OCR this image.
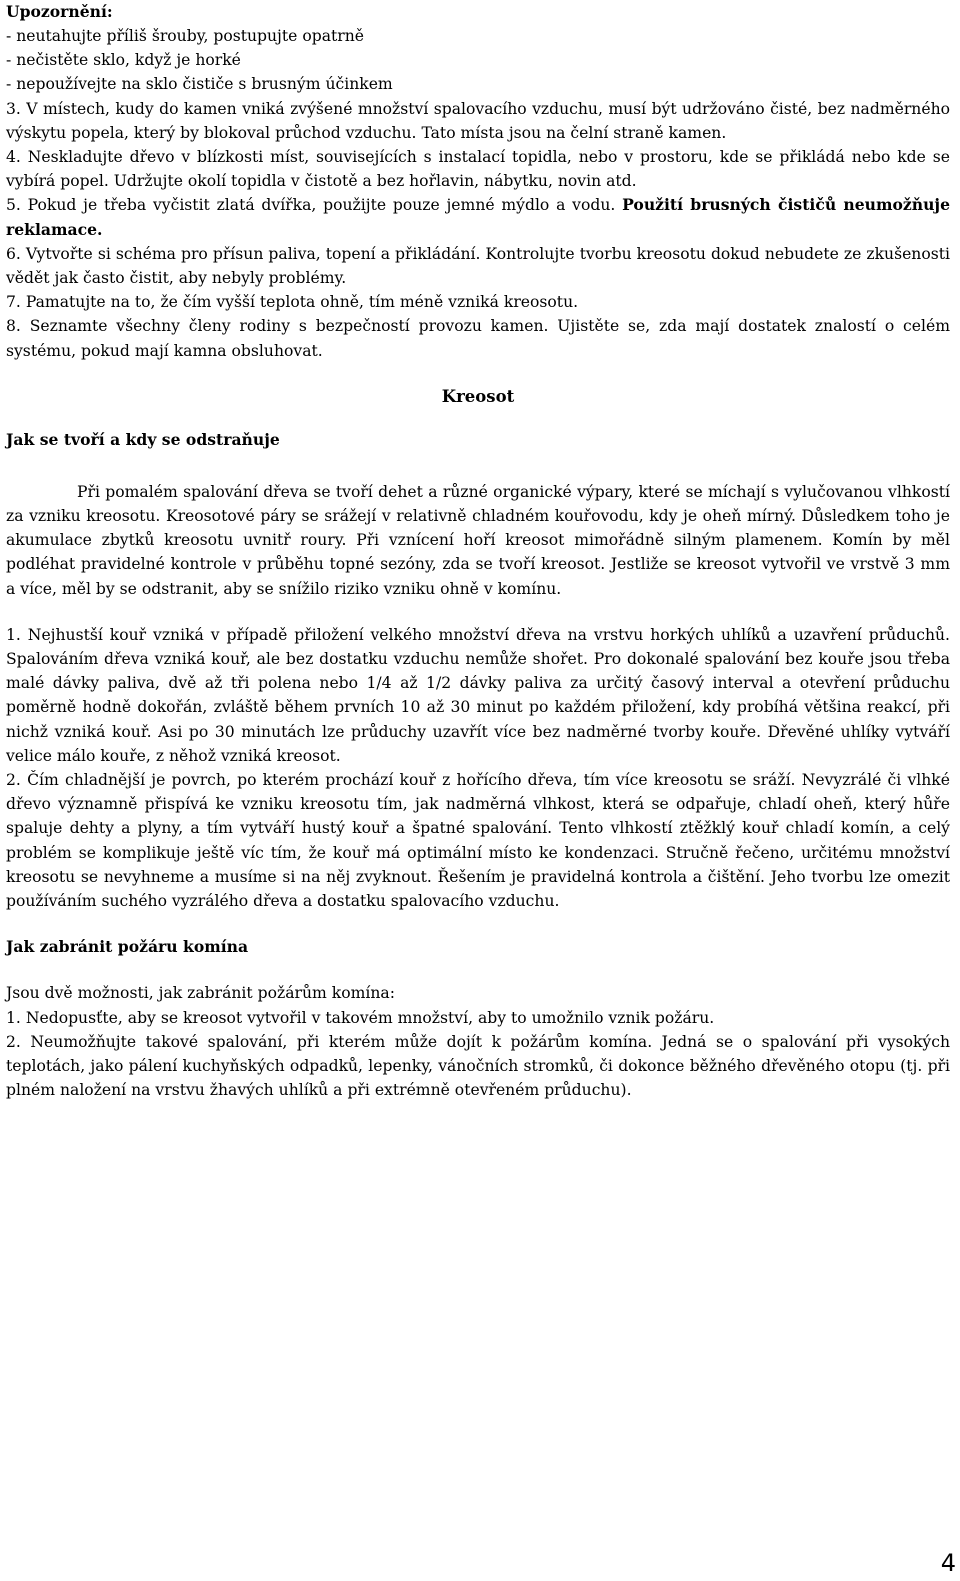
Upozornění:

- neutahujte příliš šrouby, postupujte opatrně

- nečistěte sklo, když je horké

- nepoužívejte na sklo čističe s brusným účinkem

3. V místech, kudy do kamen vniká zvýšené množství spalovacího vzduchu, musí být udržováno čisté, bez nadměrného výskytu popela, který by blokoval průchod vzduchu. Tato místa jsou na čelní straně kamen.

4. Neskladujte dřevo v blízkosti míst, souvisejících s instalací topidla, nebo v prostoru, kde se přikládá nebo kde se vybírá popel. Udržujte okolí topidla v čistotě a bez hořlavin, nábytku, novin atd.

5. Pokud je třeba vyčistit zlatá dvířka, použijte pouze jemné mýdlo a vodu. Použití brusných čističů neumožňuje reklamace.

6. Vytvořte si schéma pro přísun paliva, topení a přikládání. Kontrolujte tvorbu kreosotu dokud nebudete ze zkušenosti vědět jak často čistit, aby nebyly problémy.

7. Pamatujte na to, že čím vyšší teplota ohně, tím méně vzniká kreosotu.

8. Seznamte všechny členy rodiny s bezpečností provozu kamen. Ujistěte se, zda mají dostatek znalostí o celém systému, pokud mají kamna obsluhovat.

Kreosot

Jak se tvoří a kdy se odstraňuje

Při pomalém spalování dřeva se tvoří dehet a různé organické výpary, které se míchají s vylučovanou vlhkostí za vzniku kreosotu. Kreosotové páry se srážejí v relativně chladném kouřovodu, kdy je oheň mírný. Důsledkem toho je akumulace zbytků kreosotu uvnitř roury. Při vznícení hoří kreosot mimořádně silným plamenem. Komín by měl podléhat pravidelné kontrole v průběhu topné sezóny, zda se tvoří kreosot. Jestliže se kreosot vytvořil ve vrstvě 3 mm a více, měl by se odstranit, aby se snížilo riziko vzniku ohně v komínu.

1. Nejhustší kouř vzniká v případě přiložení velkého množství dřeva na vrstvu horkých uhlíků a uzavření průduchů. Spalováním dřeva vzniká kouř, ale bez dostatku vzduchu nemůže shořet. Pro dokonalé spalování bez kouře jsou třeba malé dávky paliva, dvě až tři polena nebo 1/4 až 1/2 dávky paliva za určitý časový interval a otevření průduchu poměrně hodně dokořán, zvláště během prvních 10 až 30 minut po každém přiložení, kdy probíhá většina reakcí, při nichž vzniká kouř. Asi po 30 minutách lze průduchy uzavřít více bez nadměrné tvorby kouře. Dřevěné uhlíky vytváří velice málo kouře, z něhož vzniká kreosot.

2. Čím chladnější je povrch, po kterém prochází kouř z hořícího dřeva, tím více kreosotu se sráží. Nevyzrálé či vlhké dřevo významně přispívá ke vzniku kreosotu tím, jak nadměrná vlhkost, která se odpařuje, chladí oheň, který hůře spaluje dehty a plyny, a tím vytváří hustý kouř a špatné spalování. Tento vlhkostí ztěžklý kouř chladí komín, a celý problém se komplikuje ještě víc tím, že kouř má optimální místo ke kondenzaci. Stručně řečeno, určitému množství kreosotu se nevyhneme a musíme si na něj zvyknout. Řešením je pravidelná kontrola a čištění. Jeho tvorbu lze omezit používáním suchého vyzrálého dřeva a dostatku spalovacího vzduchu.

Jak zabránit požáru komína

Jsou dvě možnosti, jak zabránit požárům komína:

1. Nedopusťte, aby se kreosot vytvořil v takovém množství, aby to umožnilo vznik požáru.

2. Neumožňujte takové spalování, při kterém může dojít k požárům komína. Jedná se o spalování při vysokých teplotách, jako pálení kuchyňských odpadků, lepenky, vánočních stromků, či dokonce běžného dřevěného otopu (tj. při plném naložení na vrstvu žhavých uhlíků a při extrémně otevřeném průduchu).

4
